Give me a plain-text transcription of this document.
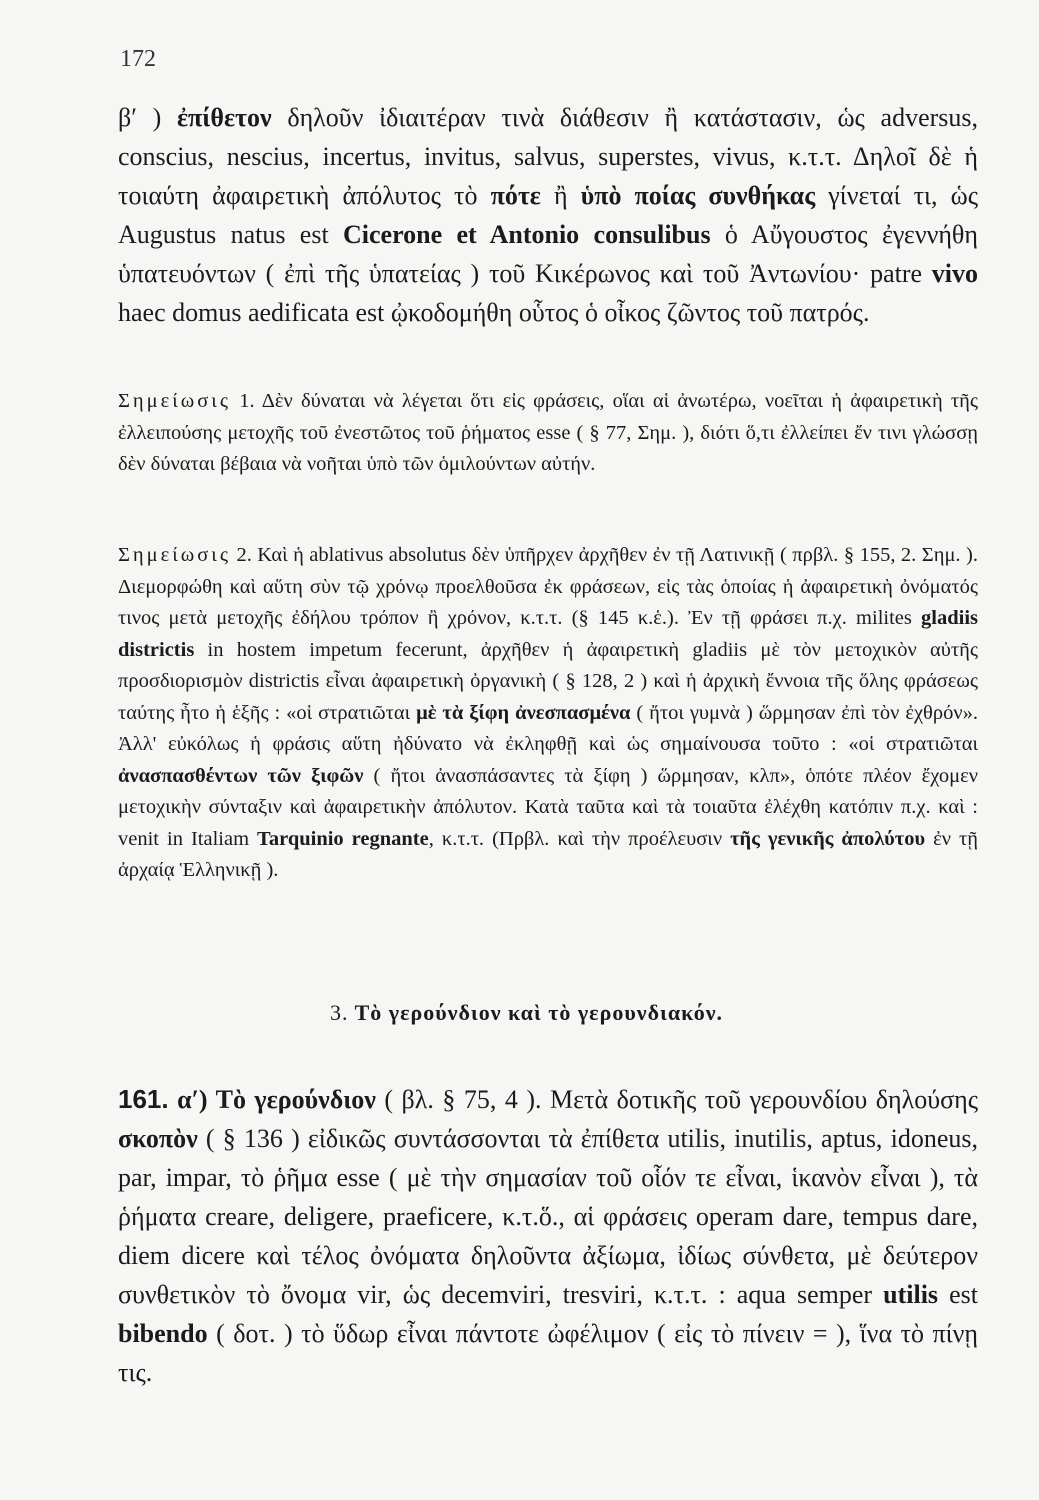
172

β′ ) ἐπίθετον δηλοῦν ἰδιαιτέραν τινὰ διάθεσιν ἢ κατάστασιν, ὡς adversus, conscius, nescius, incertus, invitus, salvus, superstes, vivus, κ.τ.τ. Δηλοῖ δὲ ἡ τοιαύτη ἀφαιρετικὴ ἀπόλυτος τὸ πότε ἢ ὑπὸ ποίας συνθήκας γίνεταί τι, ὡς Augustus natus est Cicerone et Antonio consulibus ὁ Αὔγουστος ἐγεννήθη ὑπατευόντων ( ἐπὶ τῆς ὑπατείας ) τοῦ Κικέρωνος καὶ τοῦ Ἀντωνίου· patre vivo haec domus aedificata est ᾠκοδομήθη οὗτος ὁ οἶκος ζῶντος τοῦ πατρός.

Σημείωσις 1. Δὲν δύναται νὰ λέγεται ὅτι εἰς φράσεις, οἵαι αἱ ἀνωτέρω, νοεῖται ἡ ἀφαιρετικὴ τῆς ἐλλειπούσης μετοχῆς τοῦ ἐνεστῶτος τοῦ ῥήματος esse ( § 77, Σημ. ), διότι ὅ,τι ἐλλείπει ἔν τινι γλώσσῃ δὲν δύναται βέβαια νὰ νοῆται ὑπὸ τῶν ὁμιλούντων αὐτήν.

Σημείωσις 2. Καὶ ἡ ablativus absolutus δὲν ὑπῆρχεν ἀρχῆθεν ἐν τῇ Λατινικῇ ( πρβλ. § 155, 2. Σημ. ). Διεμορφώθη καὶ αὕτη σὺν τῷ χρόνῳ προελθοῦσα ἐκ φράσεων, εἰς τὰς ὁποίας ἡ ἀφαιρετικὴ ὀνόματός τινος μετὰ μετοχῆς ἐδήλου τρόπον ἢ χρόνον, κ.τ.τ. (§ 145 κ.ἑ.). Ἐν τῇ φράσει π.χ. milites gladiis districtis in hostem impetum fecerunt, ἀρχῆθεν ἡ ἀφαιρετικὴ gladiis μὲ τὸν μετοχικὸν αὐτῆς προσδιορισμὸν districtis εἶναι ἀφαιρετικὴ ὀργανικὴ ( § 128, 2 ) καὶ ἡ ἀρχικὴ ἔννοια τῆς ὅλης φράσεως ταύτης ἦτο ἡ ἑξῆς : «οἱ στρατιῶται μὲ τὰ ξίφη ἀνεσπασμένα ( ἤτοι γυμνὰ ) ὥρμησαν ἐπὶ τὸν ἐχθρόν». Ἀλλ' εὐκόλως ἡ φράσις αὕτη ἠδύνατο νὰ ἐκληφθῇ καὶ ὡς σημαίνουσα τοῦτο : «οἱ στρατιῶται ἀνασπασθέντων τῶν ξιφῶν ( ἤτοι ἀνασπάσαντες τὰ ξίφη ) ὥρμησαν, κλπ», ὁπότε πλέον ἔχομεν μετοχικὴν σύνταξιν καὶ ἀφαιρετικὴν ἀπόλυτον. Κατὰ ταῦτα καὶ τὰ τοιαῦτα ἐλέχθη κατόπιν π.χ. καὶ : venit in Italiam Tarquinio regnante, κ.τ.τ. (Πρβλ. καὶ τὴν προέλευσιν τῆς γενικῆς ἀπολύτου ἐν τῇ ἀρχαίᾳ Ἑλληνικῇ ).

3. Τὸ γερούνδιον καὶ τὸ γερουνδιακόν.

161. α′) Τὸ γερούνδιον ( βλ. § 75, 4 ). Μετὰ δοτικῆς τοῦ γερουνδίου δηλούσης σκοπὸν ( § 136 ) εἰδικῶς συντάσσονται τὰ ἐπίθετα utilis, inutilis, aptus, idoneus, par, impar, τὸ ῥῆμα esse ( μὲ τὴν σημασίαν τοῦ οἷόν τε εἶναι, ἱκανὸν εἶναι ), τὰ ῥήματα creare, deligere, praeficere, κ.τ.ὅ., αἱ φράσεις operam dare, tempus dare, diem dicere καὶ τέλος ὀνόματα δηλοῦντα ἀξίωμα, ἰδίως σύνθετα, μὲ δεύτερον συνθετικὸν τὸ ὄνομα vir, ὡς decemviri, tresviri, κ.τ.τ. : aqua semper utilis est bibendo ( δοτ. ) τὸ ὕδωρ εἶναι πάντοτε ὠφέλιμον ( εἰς τὸ πίνειν = ), ἵνα τὸ πίνῃ τις.
